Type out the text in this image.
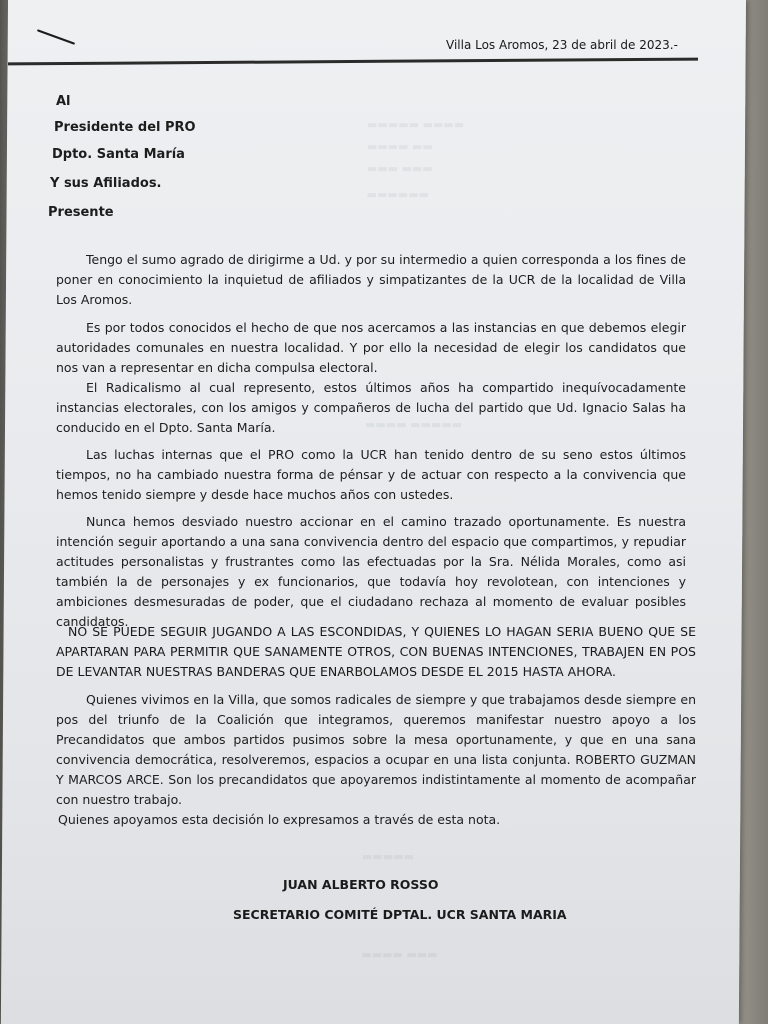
▬▬▬▬▬ ▬▬▬▬
▬▬▬▬ ▬▬
▬▬▬ ▬▬▬
▬▬▬▬▬▬
▬▬▬▬ ▬▬▬▬▬
▬▬▬▬▬
▬▬▬▬ ▬▬▬
Villa Los Aromos, 23 de abril de 2023.-
Al
Presidente del PRO
Dpto. Santa María
Y sus Afiliados.
Presente
Tengo el sumo agrado de dirigirme a Ud. y por su intermedio a quien corresponda a los fines de poner en conocimiento la inquietud de afiliados y simpatizantes de la UCR de la localidad de Villa Los Aromos.
Es por todos conocidos el hecho de que nos acercamos a las instancias en que debemos elegir autoridades comunales en nuestra localidad. Y por ello la necesidad de elegir los candidatos que nos van a representar en dicha compulsa electoral.
El Radicalismo al cual represento, estos últimos años ha compartido inequívocadamente instancias electorales, con los amigos y compañeros de lucha del partido que Ud. Ignacio Salas ha conducido en el Dpto. Santa María.
Las luchas internas que el PRO como la UCR han tenido dentro de su seno estos últimos tiempos, no ha cambiado nuestra forma de pénsar y de actuar con respecto a la convivencia que hemos tenido siempre y desde hace muchos años con ustedes.
Nunca hemos desviado nuestro accionar en el camino trazado oportunamente. Es nuestra intención seguir aportando a una sana convivencia dentro del espacio que compartimos, y repudiar actitudes personalistas y frustrantes como las efectuadas por la Sra. Nélida Morales, como asi también la de personajes y ex funcionarios, que todavía hoy revolotean, con intenciones y ambiciones desmesuradas de poder, que el ciudadano rechaza al momento de evaluar posibles candidatos.
NO SE PUEDE SEGUIR JUGANDO A LAS ESCONDIDAS, Y QUIENES LO HAGAN SERIA BUENO QUE SE APARTARAN PARA PERMITIR QUE SANAMENTE OTROS, CON BUENAS INTENCIONES, TRABAJEN EN POS DE LEVANTAR NUESTRAS BANDERAS QUE ENARBOLAMOS DESDE EL 2015 HASTA AHORA.
Quienes vivimos en la Villa, que somos radicales de siempre y que trabajamos desde siempre en pos del triunfo de la Coalición que integramos, queremos manifestar nuestro apoyo a los Precandidatos que ambos partidos pusimos sobre la mesa oportunamente, y que en una sana convivencia democrática, resolveremos, espacios a ocupar en una lista conjunta. ROBERTO GUZMAN Y MARCOS ARCE. Son los precandidatos que apoyaremos indistintamente al momento de acompañar con nuestro trabajo.
Quienes apoyamos esta decisión lo expresamos a través de esta nota.
JUAN ALBERTO ROSSO
SECRETARIO COMITÉ DPTAL. UCR SANTA MARIA
